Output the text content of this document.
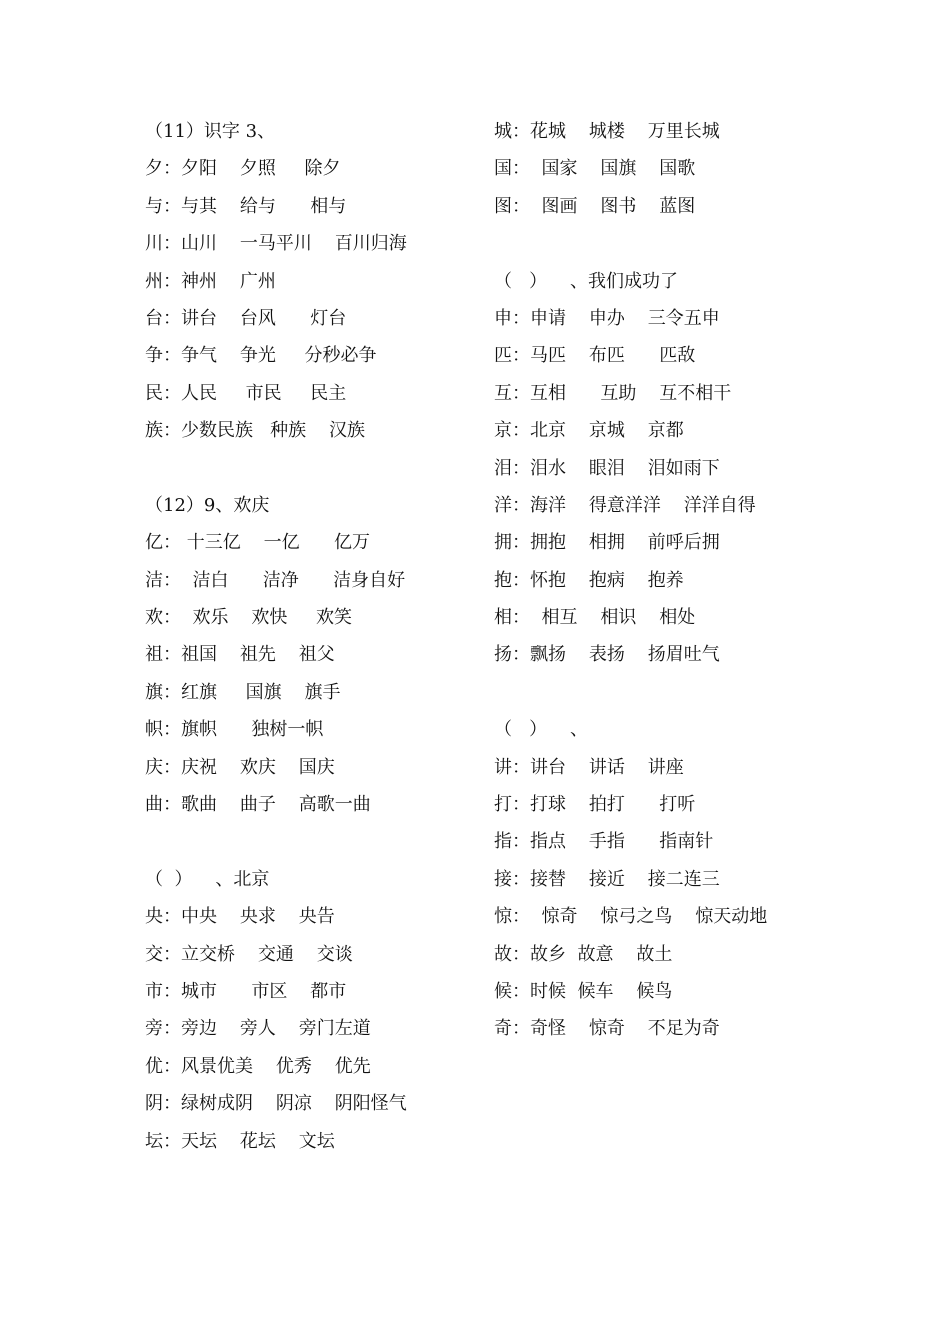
（11）识字 3、
夕：夕阳    夕照     除夕
与：与其    给与      相与
川：山川    一马平川    百川归海
州：神州    广州
台：讲台    台风      灯台
争：争气    争光     分秒必争
民：人民     市民     民主
族：少数民族   种族    汉族
（12）9、欢庆
亿： 十三亿    一亿      亿万
洁：  洁白      洁净      洁身自好
欢：  欢乐    欢快     欢笑
祖：祖国    祖先    祖父
旗：红旗     国旗    旗手
帜：旗帜      独树一帜
庆：庆祝    欢庆    国庆
曲：歌曲    曲子    高歌一曲
（  ）    、北京
央：中央    央求    央告
交：立交桥    交通    交谈
市：城市      市区    都市
旁：旁边    旁人    旁门左道
优：风景优美    优秀    优先
阴：绿树成阴    阴凉    阴阳怪气
坛：天坛    花坛    文坛
城：花城    城楼    万里长城
国：  国家    国旗    国歌
图：  图画    图书    蓝图
（   ）    、我们成功了
申：申请    申办    三令五申
匹：马匹    布匹      匹敌
互：互相      互助    互不相干
京：北京    京城    京都
泪：泪水    眼泪    泪如雨下
洋：海洋    得意洋洋    洋洋自得
拥：拥抱    相拥    前呼后拥
抱：怀抱    抱病    抱养
相：  相互    相识    相处
扬：飘扬    表扬    扬眉吐气
（   ）    、
讲：讲台    讲话    讲座
打：打球    拍打      打听
指：指点    手指      指南针
接：接替    接近    接二连三
惊：  惊奇    惊弓之鸟    惊天动地
故：故乡  故意    故土
候：时候  候车    候鸟
奇：奇怪    惊奇    不足为奇
